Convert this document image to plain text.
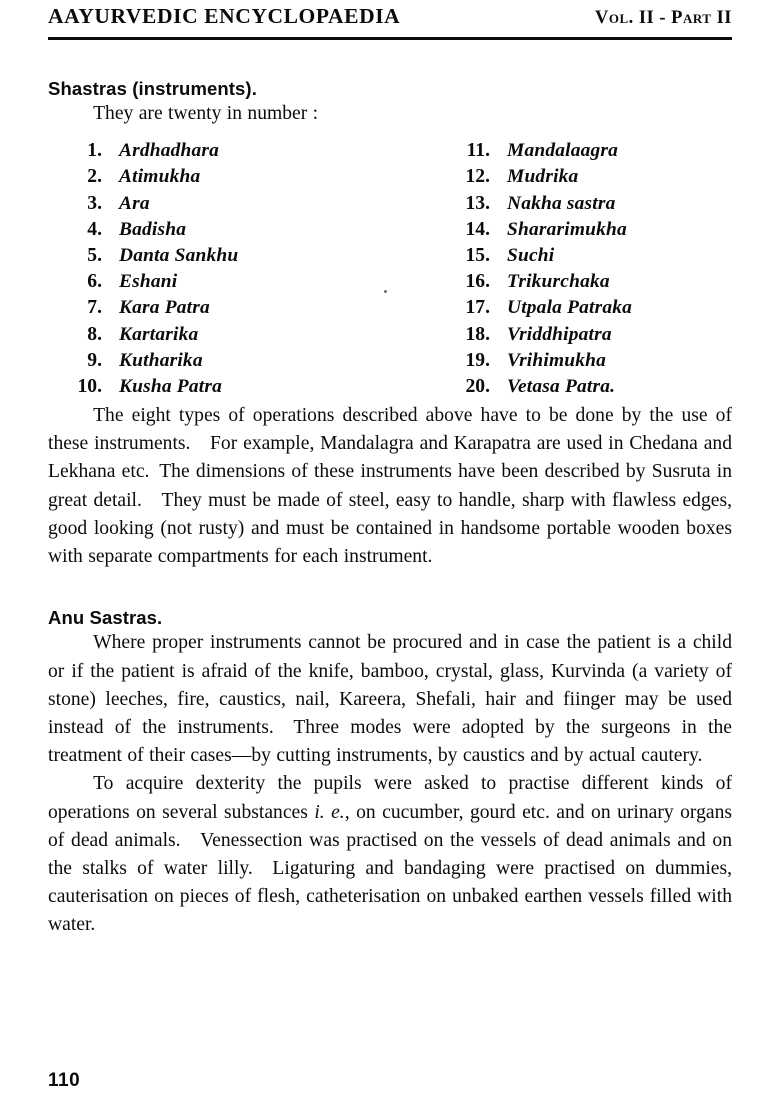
AAYURVEDIC ENCYCLOPAEDIA	Vol. II - Part II
Shastras (instruments).

They are twenty in number :

1. Ardhadhara
2. Atimukha
3. Ara
4. Badisha
5. Danta Sankhu
6. Eshani
7. Kara Patra
8. Kartarika
9. Kutharika
10. Kusha Patra
11. Mandalaagra
12. Mudrika
13. Nakha sastra
14. Shararimukha
15. Suchi
16. Trikurchaka
17. Utpala Patraka
18. Vriddhipatra
19. Vrihimukha
20. Vetasa Patra.

The eight types of operations described above have to be done by the use of these instruments. For example, Mandalagra and Karapatra are used in Chedana and Lekhana etc. The dimensions of these instruments have been described by Susruta in great detail. They must be made of steel, easy to handle, sharp with flawless edges, good looking (not rusty) and must be contained in handsome portable wooden boxes with separate compartments for each instrument.

Anu Sastras.

Where proper instruments cannot be procured and in case the patient is a child or if the patient is afraid of the knife, bamboo, crystal, glass, Kurvinda (a variety of stone) leeches, fire, caustics, nail, Kareera, Shefali, hair and fiinger may be used instead of the instruments. Three modes were adopted by the surgeons in the treatment of their cases—by cutting instruments, by caustics and by actual cautery.

To acquire dexterity the pupils were asked to practise different kinds of operations on several substances i. e., on cucumber, gourd etc. and on urinary organs of dead animals. Venessection was practised on the vessels of dead animals and on the stalks of water lilly. Ligaturing and bandaging were practised on dummies, cauterisation on pieces of flesh, catheterisation on unbaked earthen vessels filled with water.

110
